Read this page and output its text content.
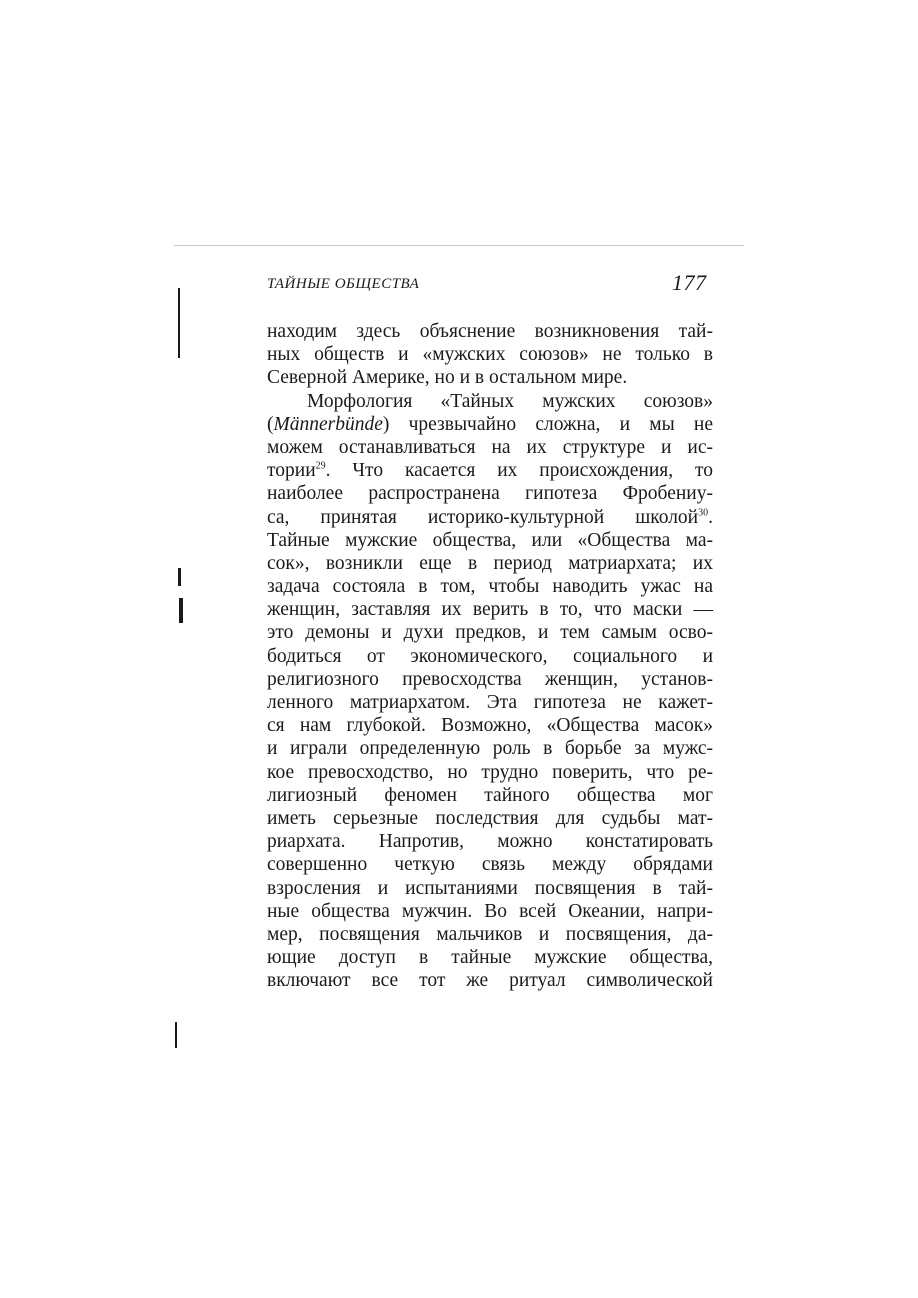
ТАЙНЫЕ ОБЩЕСТВА	177
находим здесь объяснение возникновения тай-
ных обществ и «мужских союзов» не только в
Северной Америке, но и в остальном мире.
Морфология «Тайных мужских союзов»
(Männerbünde) чрезвычайно сложна, и мы не
можем останавливаться на их структуре и ис-
тории$^{29}$. Что касается их происхождения, то
наиболее распространена гипотеза Фробениу-
са, принятая историко-культурной школой$^{30}$.
Тайные мужские общества, или «Общества ма-
сок», возникли еще в период матриархата; их
задача состояла в том, чтобы наводить ужас на
женщин, заставляя их верить в то, что маски —
это демоны и духи предков, и тем самым осво-
бодиться от экономического, социального и
религиозного превосходства женщин, установ-
ленного матриархатом. Эта гипотеза не кажет-
ся нам глубокой. Возможно, «Общества масок»
и играли определенную роль в борьбе за мужс-
кое превосходство, но трудно поверить, что ре-
лигиозный феномен тайного общества мог
иметь серьезные последствия для судьбы мат-
риархата. Напротив, можно констатировать
совершенно четкую связь между обрядами
взросления и испытаниями посвящения в тай-
ные общества мужчин. Во всей Океании, напри-
мер, посвящения мальчиков и посвящения, да-
ющие доступ в тайные мужские общества,
включают все тот же ритуал символической
